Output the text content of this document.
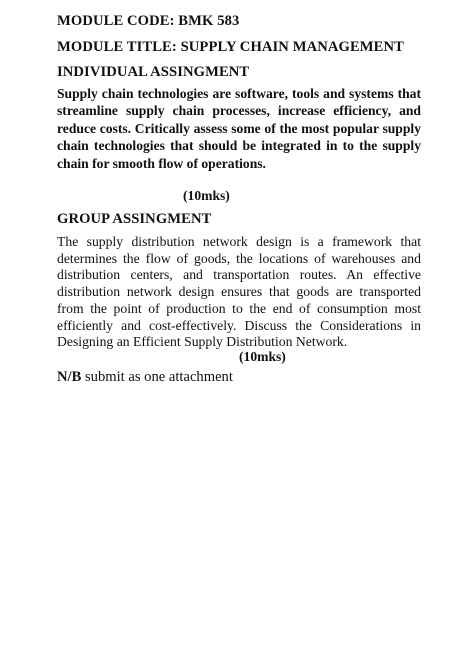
MODULE CODE: BMK 583
MODULE TITLE: SUPPLY CHAIN MANAGEMENT
INDIVIDUAL ASSINGMENT

Supply chain technologies are software, tools and systems that streamline supply chain processes, increase efficiency, and reduce costs. Critically assess some of the most popular supply chain technologies that should be integrated in to the supply chain for smooth flow of operations.

(10mks)
GROUP ASSINGMENT

The supply distribution network design is a framework that determines the flow of goods, the locations of warehouses and distribution centers, and transportation routes. An effective distribution network design ensures that goods are transported from the point of production to the end of consumption most efficiently and cost-effectively. Discuss the Considerations in Designing an Efficient Supply Distribution Network.

(10mks)
N/B submit as one attachment
